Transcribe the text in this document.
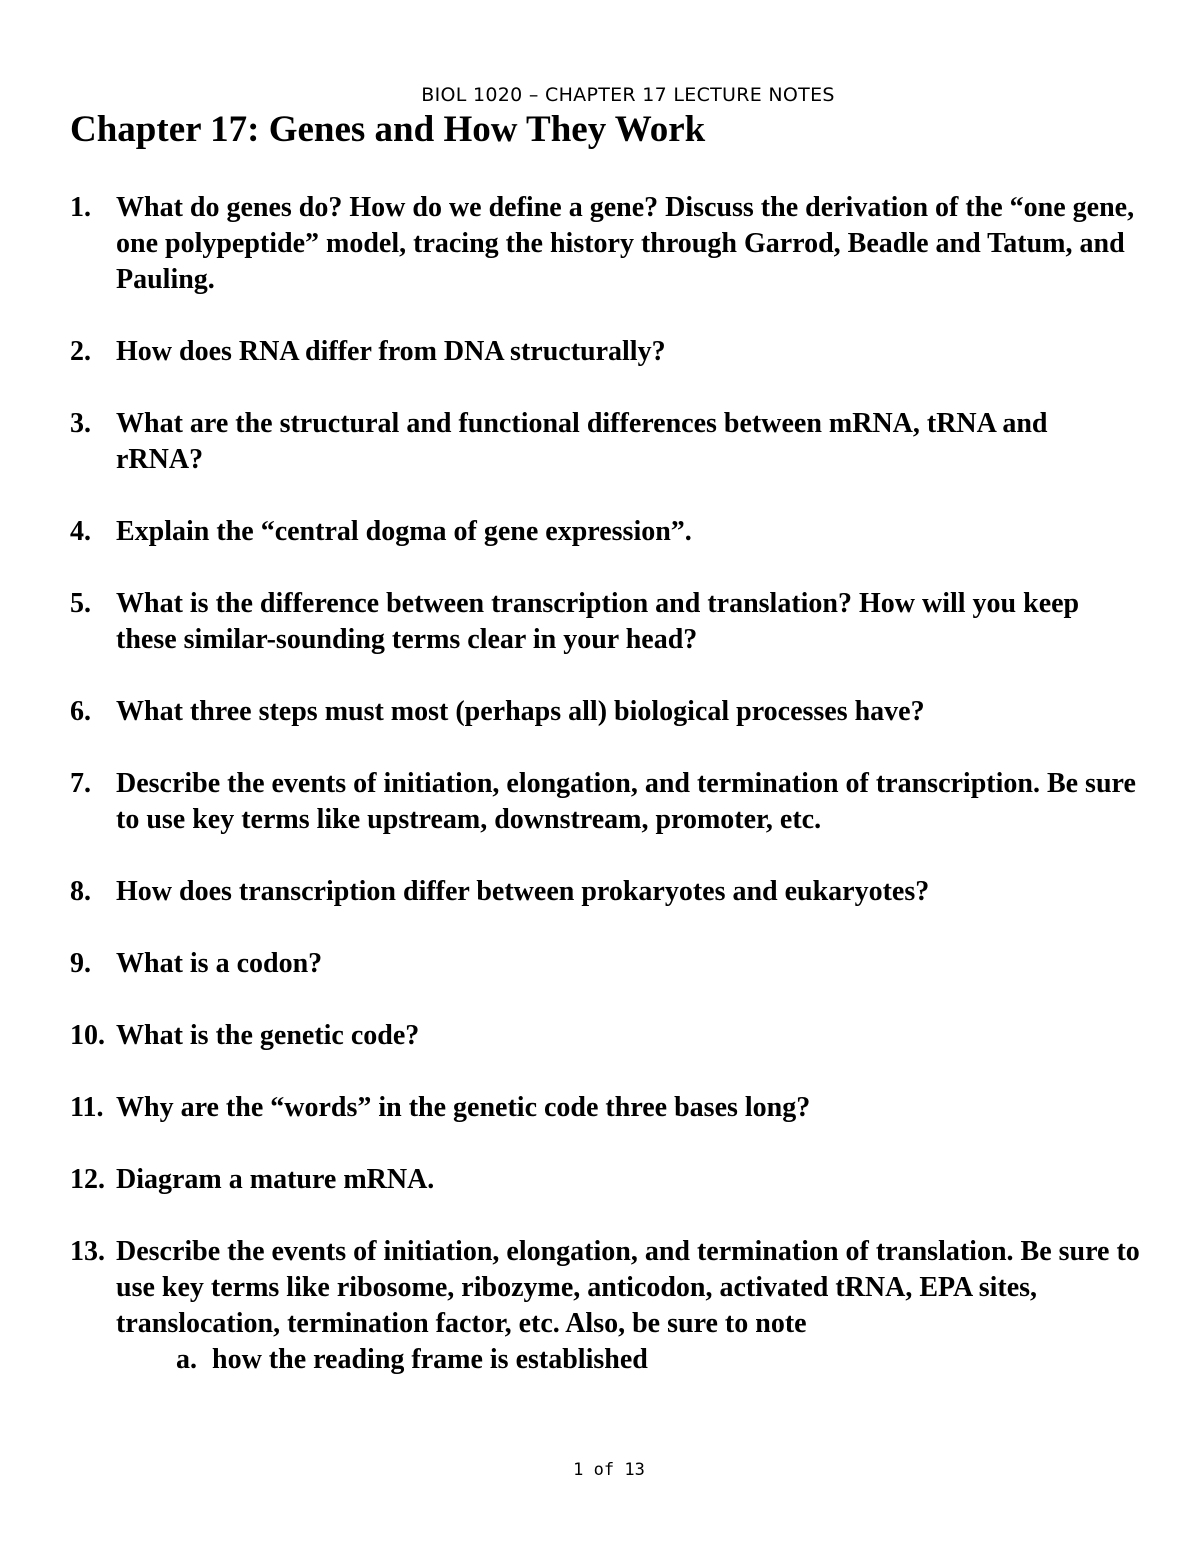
BIOL 1020 – CHAPTER 17 LECTURE NOTES
Chapter 17: Genes and How They Work
1. What do genes do? How do we define a gene? Discuss the derivation of the “one gene, one polypeptide” model, tracing the history through Garrod, Beadle and Tatum, and Pauling.
2. How does RNA differ from DNA structurally?
3. What are the structural and functional differences between mRNA, tRNA and rRNA?
4. Explain the “central dogma of gene expression”.
5. What is the difference between transcription and translation? How will you keep these similar-sounding terms clear in your head?
6. What three steps must most (perhaps all) biological processes have?
7. Describe the events of initiation, elongation, and termination of transcription. Be sure to use key terms like upstream, downstream, promoter, etc.
8. How does transcription differ between prokaryotes and eukaryotes?
9. What is a codon?
10. What is the genetic code?
11. Why are the “words” in the genetic code three bases long?
12. Diagram a mature mRNA.
13. Describe the events of initiation, elongation, and termination of translation. Be sure to use key terms like ribosome, ribozyme, anticodon, activated tRNA, EPA sites, translocation, termination factor, etc. Also, be sure to note
a. how the reading frame is established
1 of 13
